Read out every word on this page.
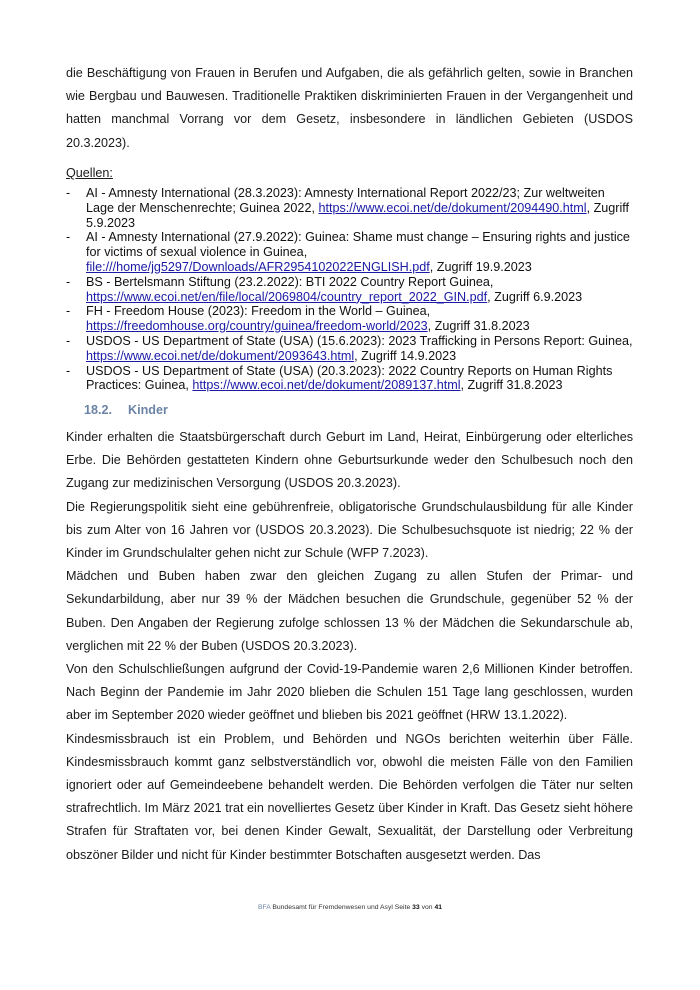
die Beschäftigung von Frauen in Berufen und Aufgaben, die als gefährlich gelten, sowie in Branchen wie Bergbau und Bauwesen. Traditionelle Praktiken diskriminierten Frauen in der Vergangenheit und hatten manchmal Vorrang vor dem Gesetz, insbesondere in ländlichen Gebieten (USDOS 20.3.2023).

Quellen:
- AI - Amnesty International (28.3.2023): Amnesty International Report 2022/23; Zur weltweiten Lage der Menschenrechte; Guinea 2022, https://www.ecoi.net/de/dokument/2094490.html, Zugriff 5.9.2023
- AI - Amnesty International (27.9.2022): Guinea: Shame must change – Ensuring rights and justice for victims of sexual violence in Guinea, file:///home/jg5297/Downloads/AFR2954102022ENGLISH.pdf, Zugriff 19.9.2023
- BS - Bertelsmann Stiftung (23.2.2022): BTI 2022 Country Report Guinea, https://www.ecoi.net/en/file/local/2069804/country_report_2022_GIN.pdf, Zugriff 6.9.2023
- FH - Freedom House (2023): Freedom in the World – Guinea, https://freedomhouse.org/country/guinea/freedom-world/2023, Zugriff 31.8.2023
- USDOS - US Department of State (USA) (15.6.2023): 2023 Trafficking in Persons Report: Guinea, https://www.ecoi.net/de/dokument/2093643.html, Zugriff 14.9.2023
- USDOS - US Department of State (USA) (20.3.2023): 2022 Country Reports on Human Rights Practices: Guinea, https://www.ecoi.net/de/dokument/2089137.html, Zugriff 31.8.2023
18.2. Kinder

Kinder erhalten die Staatsbürgerschaft durch Geburt im Land, Heirat, Einbürgerung oder elterliches Erbe. Die Behörden gestatteten Kindern ohne Geburtsurkunde weder den Schulbesuch noch den Zugang zur medizinischen Versorgung (USDOS 20.3.2023).

Die Regierungspolitik sieht eine gebührenfreie, obligatorische Grundschulausbildung für alle Kinder bis zum Alter von 16 Jahren vor (USDOS 20.3.2023). Die Schulbesuchsquote ist niedrig; 22 % der Kinder im Grundschulalter gehen nicht zur Schule (WFP 7.2023).

Mädchen und Buben haben zwar den gleichen Zugang zu allen Stufen der Primar- und Sekundarbildung, aber nur 39 % der Mädchen besuchen die Grundschule, gegenüber 52 % der Buben. Den Angaben der Regierung zufolge schlossen 13 % der Mädchen die Sekundarschule ab, verglichen mit 22 % der Buben (USDOS 20.3.2023).

Von den Schulschließungen aufgrund der Covid-19-Pandemie waren 2,6 Millionen Kinder betroffen. Nach Beginn der Pandemie im Jahr 2020 blieben die Schulen 151 Tage lang geschlossen, wurden aber im September 2020 wieder geöffnet und blieben bis 2021 geöffnet (HRW 13.1.2022).

Kindesmissbrauch ist ein Problem, und Behörden und NGOs berichten weiterhin über Fälle. Kindesmissbrauch kommt ganz selbstverständlich vor, obwohl die meisten Fälle von den Familien ignoriert oder auf Gemeindeebene behandelt werden. Die Behörden verfolgen die Täter nur selten strafrechtlich. Im März 2021 trat ein novelliertes Gesetz über Kinder in Kraft. Das Gesetz sieht höhere Strafen für Straftaten vor, bei denen Kinder Gewalt, Sexualität, der Darstellung oder Verbreitung obszöner Bilder und nicht für Kinder bestimmter Botschaften ausgesetzt werden. Das

BFA Bundesamt für Fremdenwesen und Asyl Seite 33 von 41
